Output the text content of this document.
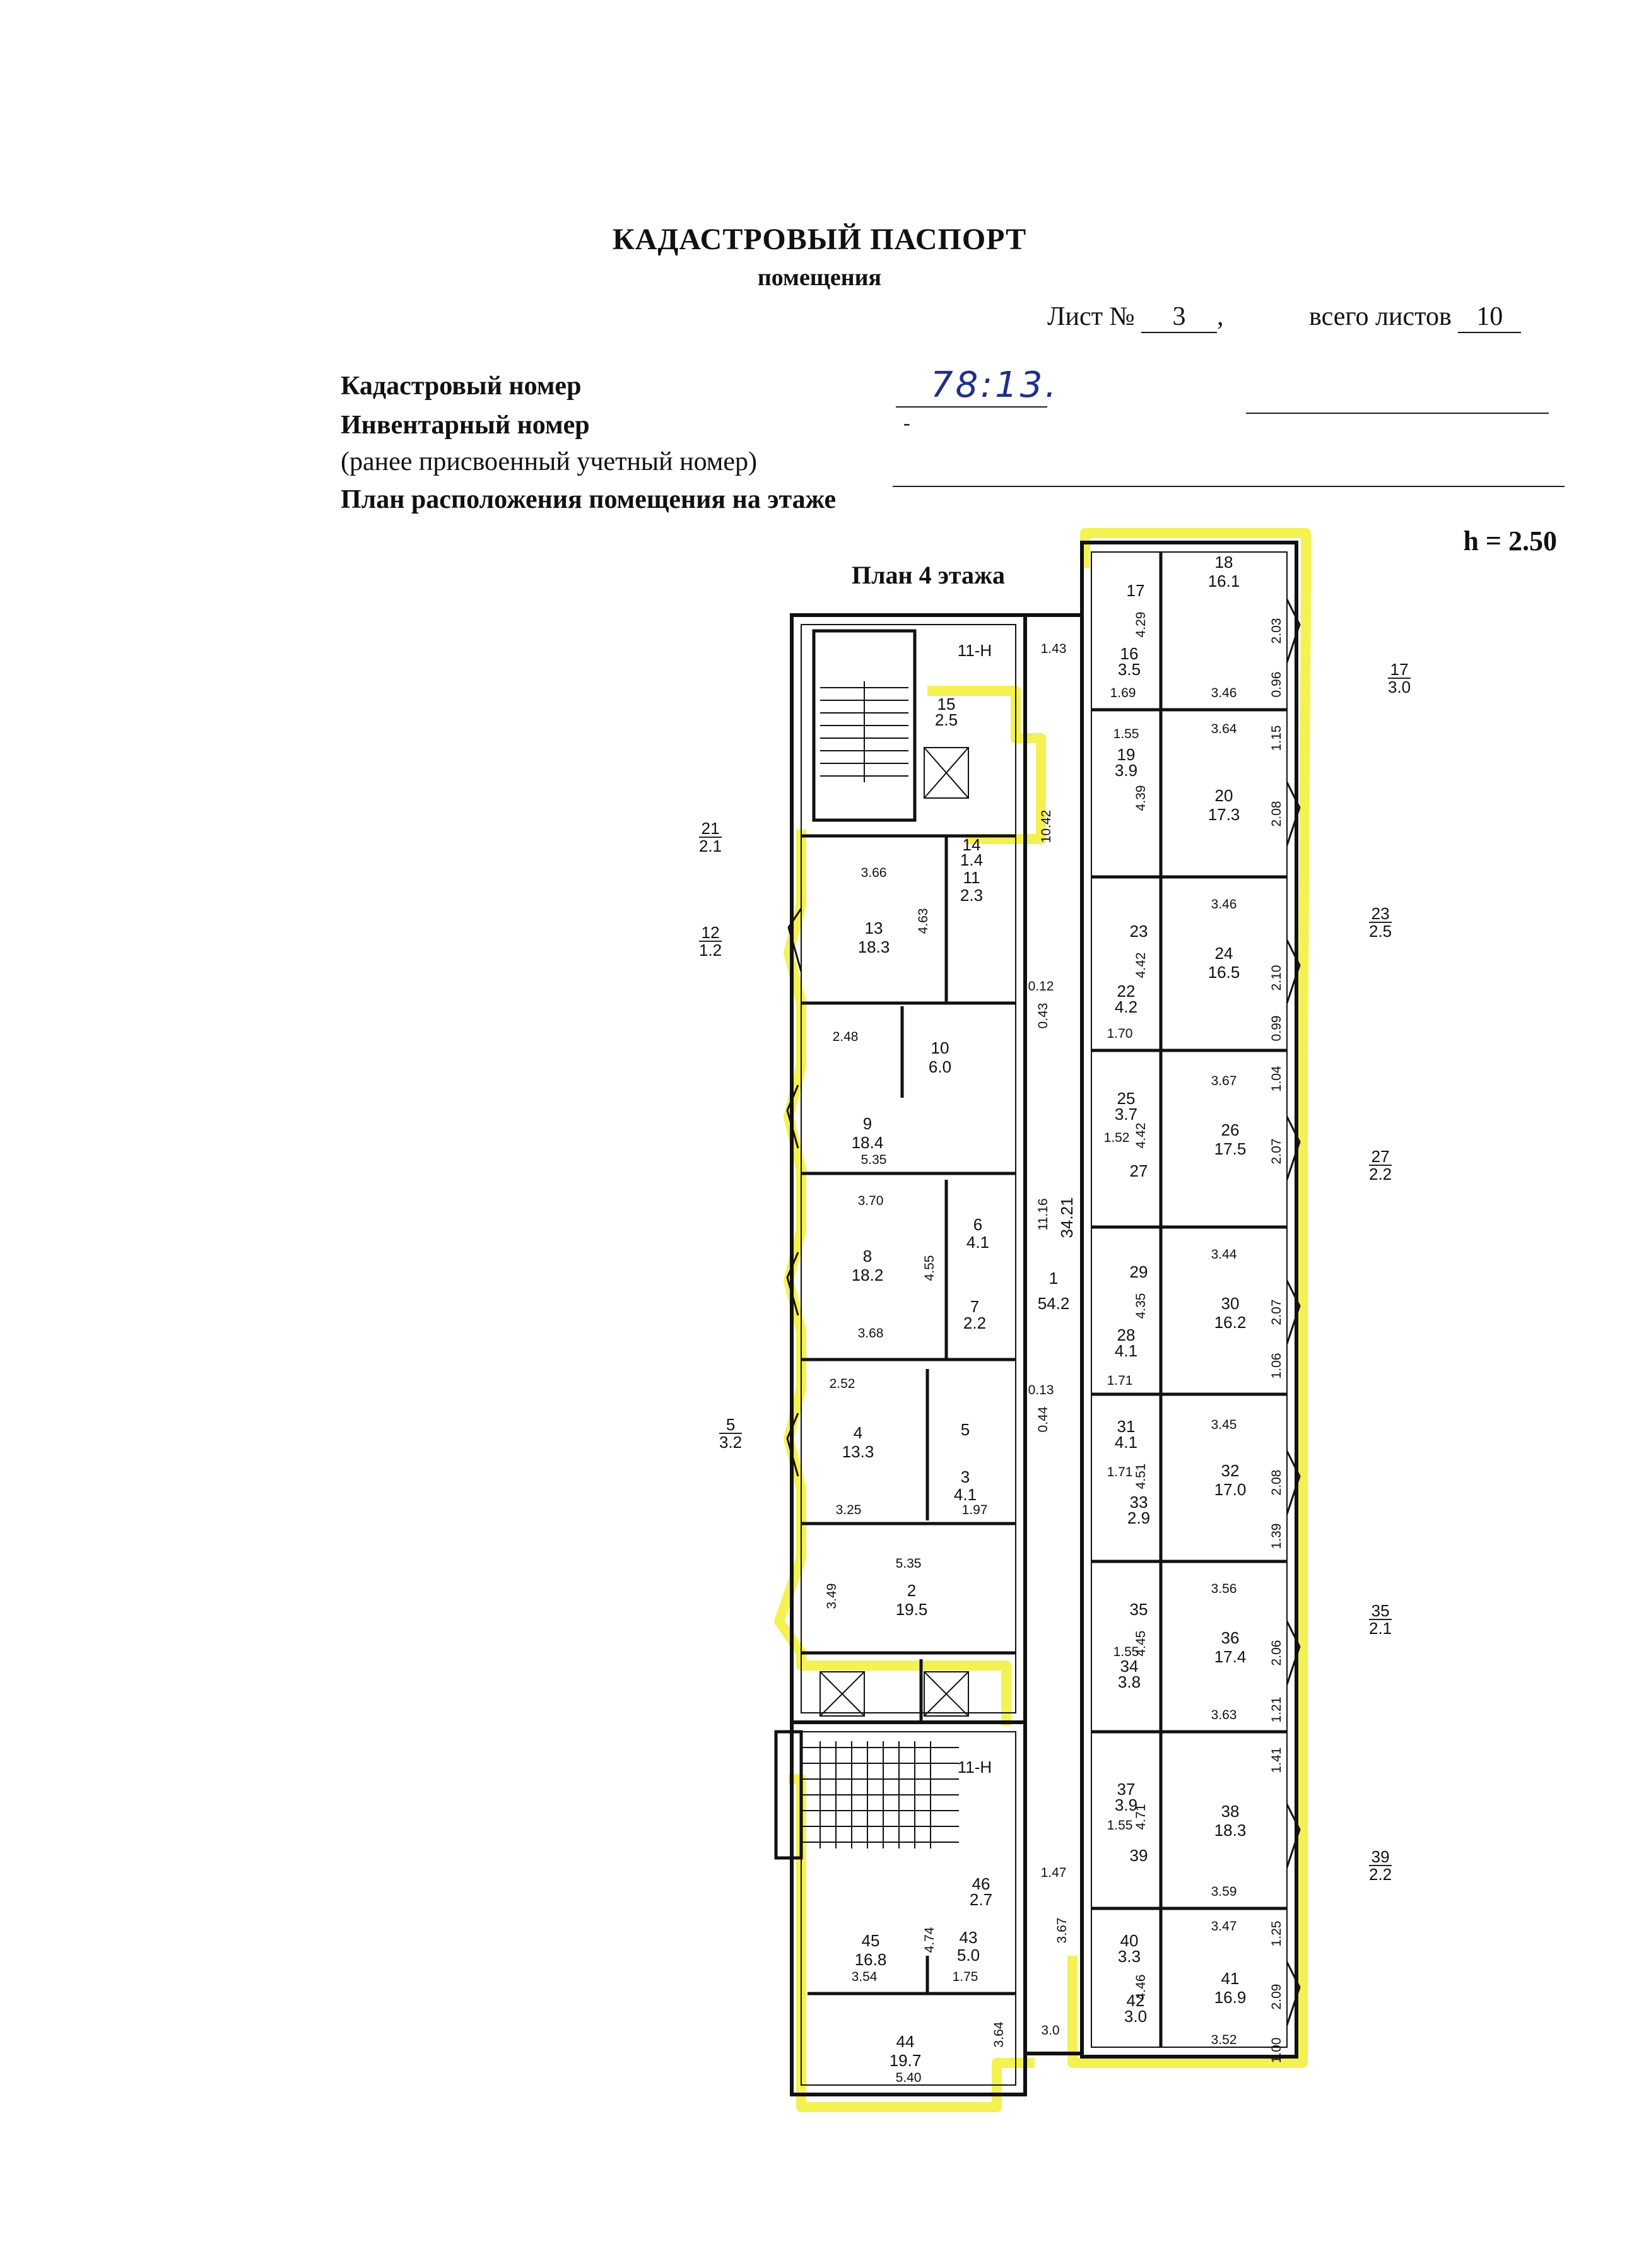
КАДАСТРОВЫЙ ПАСПОРТ
помещения
Лист № 3 ,	всего листов 10
Кадастровый номер	78:13.
Инвентарный номер	-
(ранее присвоенный учетный номер)
План расположения помещения на этаже
h = 2.50
План 4 этажа
21
2.1
12
1.2
5
3.2
17
3.0
23
2.5
27
2.2
35
2.1
39
2.2
11-Н
11-Н
1
54.2
34.21
15
2.5
13
18.3
14
1.4
11
2.3
10
6.0
9
18.4
8
18.2
6
4.1
7
2.2
4
13.3
5
3
4.1
2
19.5
45
16.8
46
2.7
43
5.0
44
19.7
17
18
16.1
16
3.5
19
3.9
20
17.3
23
24
16.5
22
4.2
25
3.7
26
17.5
27
29
30
16.2
28
4.1
31
4.1
32
17.0
33
2.9
35
36
17.4
34
3.8
37
3.9	38
18.3
39
40
3.3
41
16.9
42
3.0
1.43
10.42
0.12
0.43
11.16
0.13
0.44
1.47
3.67
3.0
3.66
4.63
2.48
5.35
3.70
3.68
4.55
2.52
3.25	1.97
5.35
3.49
5.40
3.54
4.74
1.75
3.64
4.29
3.46
1.69
3.64
4.39
1.55
3.46
4.42
1.70
3.67
4.42
1.52
3.44
4.35
1.71
3.45
4.51
1.71
3.56
4.45
1.55
3.63
3.59
4.71
1.55
3.47
4.46
3.52
2.03
0.96
1.15
2.08
0.99
2.10
1.04
2.07
1.06
2.07
1.39
2.08
1.21
2.06
1.41
1.25
1.00
2.09
